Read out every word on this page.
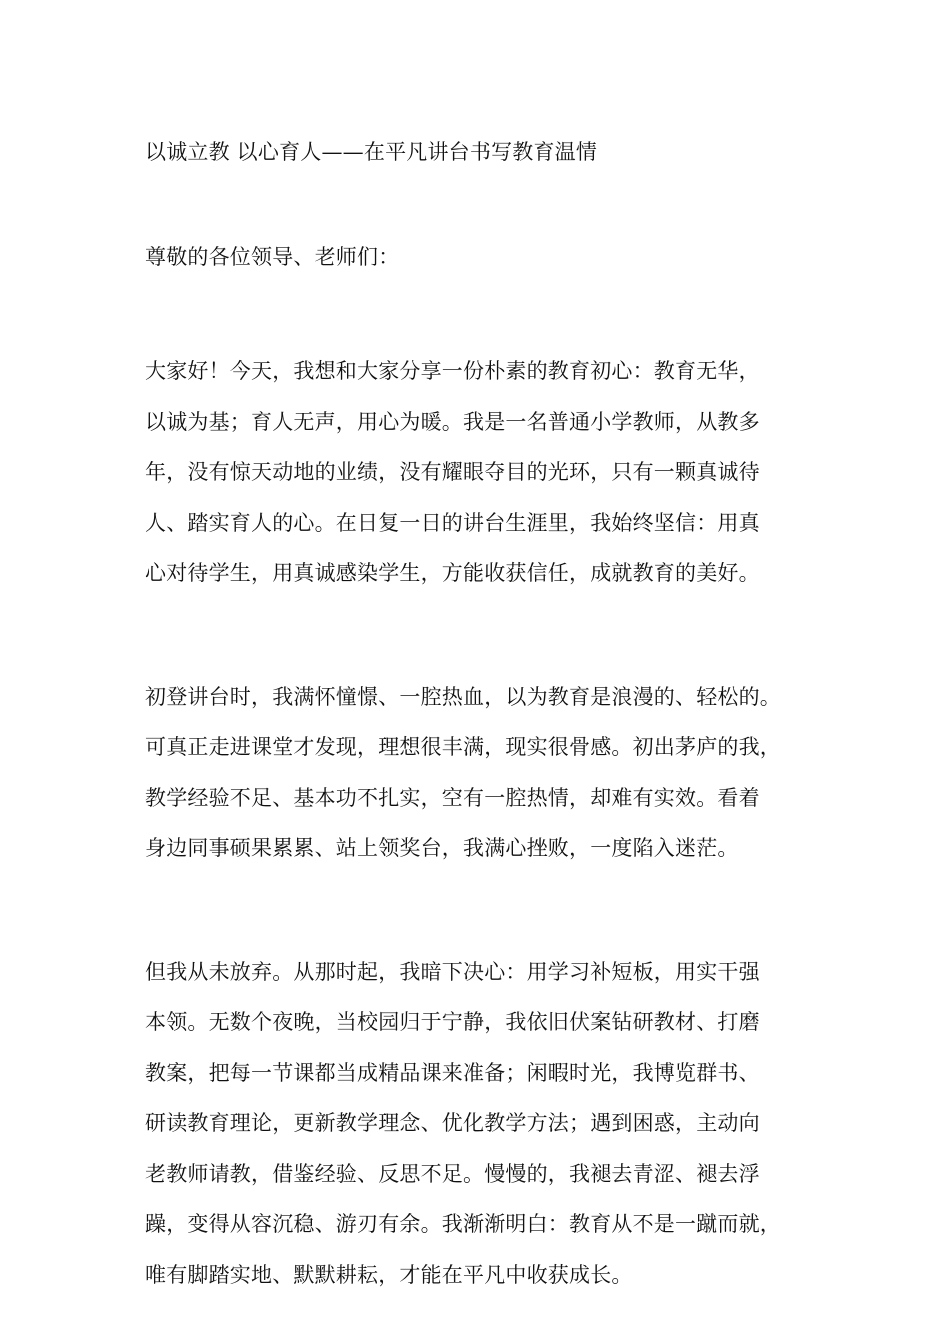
以诚立教 以心育人——在平凡讲台书写教育温情
尊敬的各位领导、老师们：
大家好！今天，我想和大家分享一份朴素的教育初心：教育无华，
以诚为基；育人无声，用心为暖。我是一名普通小学教师，从教多
年，没有惊天动地的业绩，没有耀眼夺目的光环，只有一颗真诚待
人、踏实育人的心。在日复一日的讲台生涯里，我始终坚信：用真
心对待学生，用真诚感染学生，方能收获信任，成就教育的美好。
初登讲台时，我满怀憧憬、一腔热血，以为教育是浪漫的、轻松的。
可真正走进课堂才发现，理想很丰满，现实很骨感。初出茅庐的我，
教学经验不足、基本功不扎实，空有一腔热情，却难有实效。看着
身边同事硕果累累、站上领奖台，我满心挫败，一度陷入迷茫。
但我从未放弃。从那时起，我暗下决心：用学习补短板，用实干强
本领。无数个夜晚，当校园归于宁静，我依旧伏案钻研教材、打磨
教案，把每一节课都当成精品课来准备；闲暇时光，我博览群书、
研读教育理论，更新教学理念、优化教学方法；遇到困惑，主动向
老教师请教，借鉴经验、反思不足。慢慢的，我褪去青涩、褪去浮
躁，变得从容沉稳、游刃有余。我渐渐明白：教育从不是一蹴而就，
唯有脚踏实地、默默耕耘，才能在平凡中收获成长。
